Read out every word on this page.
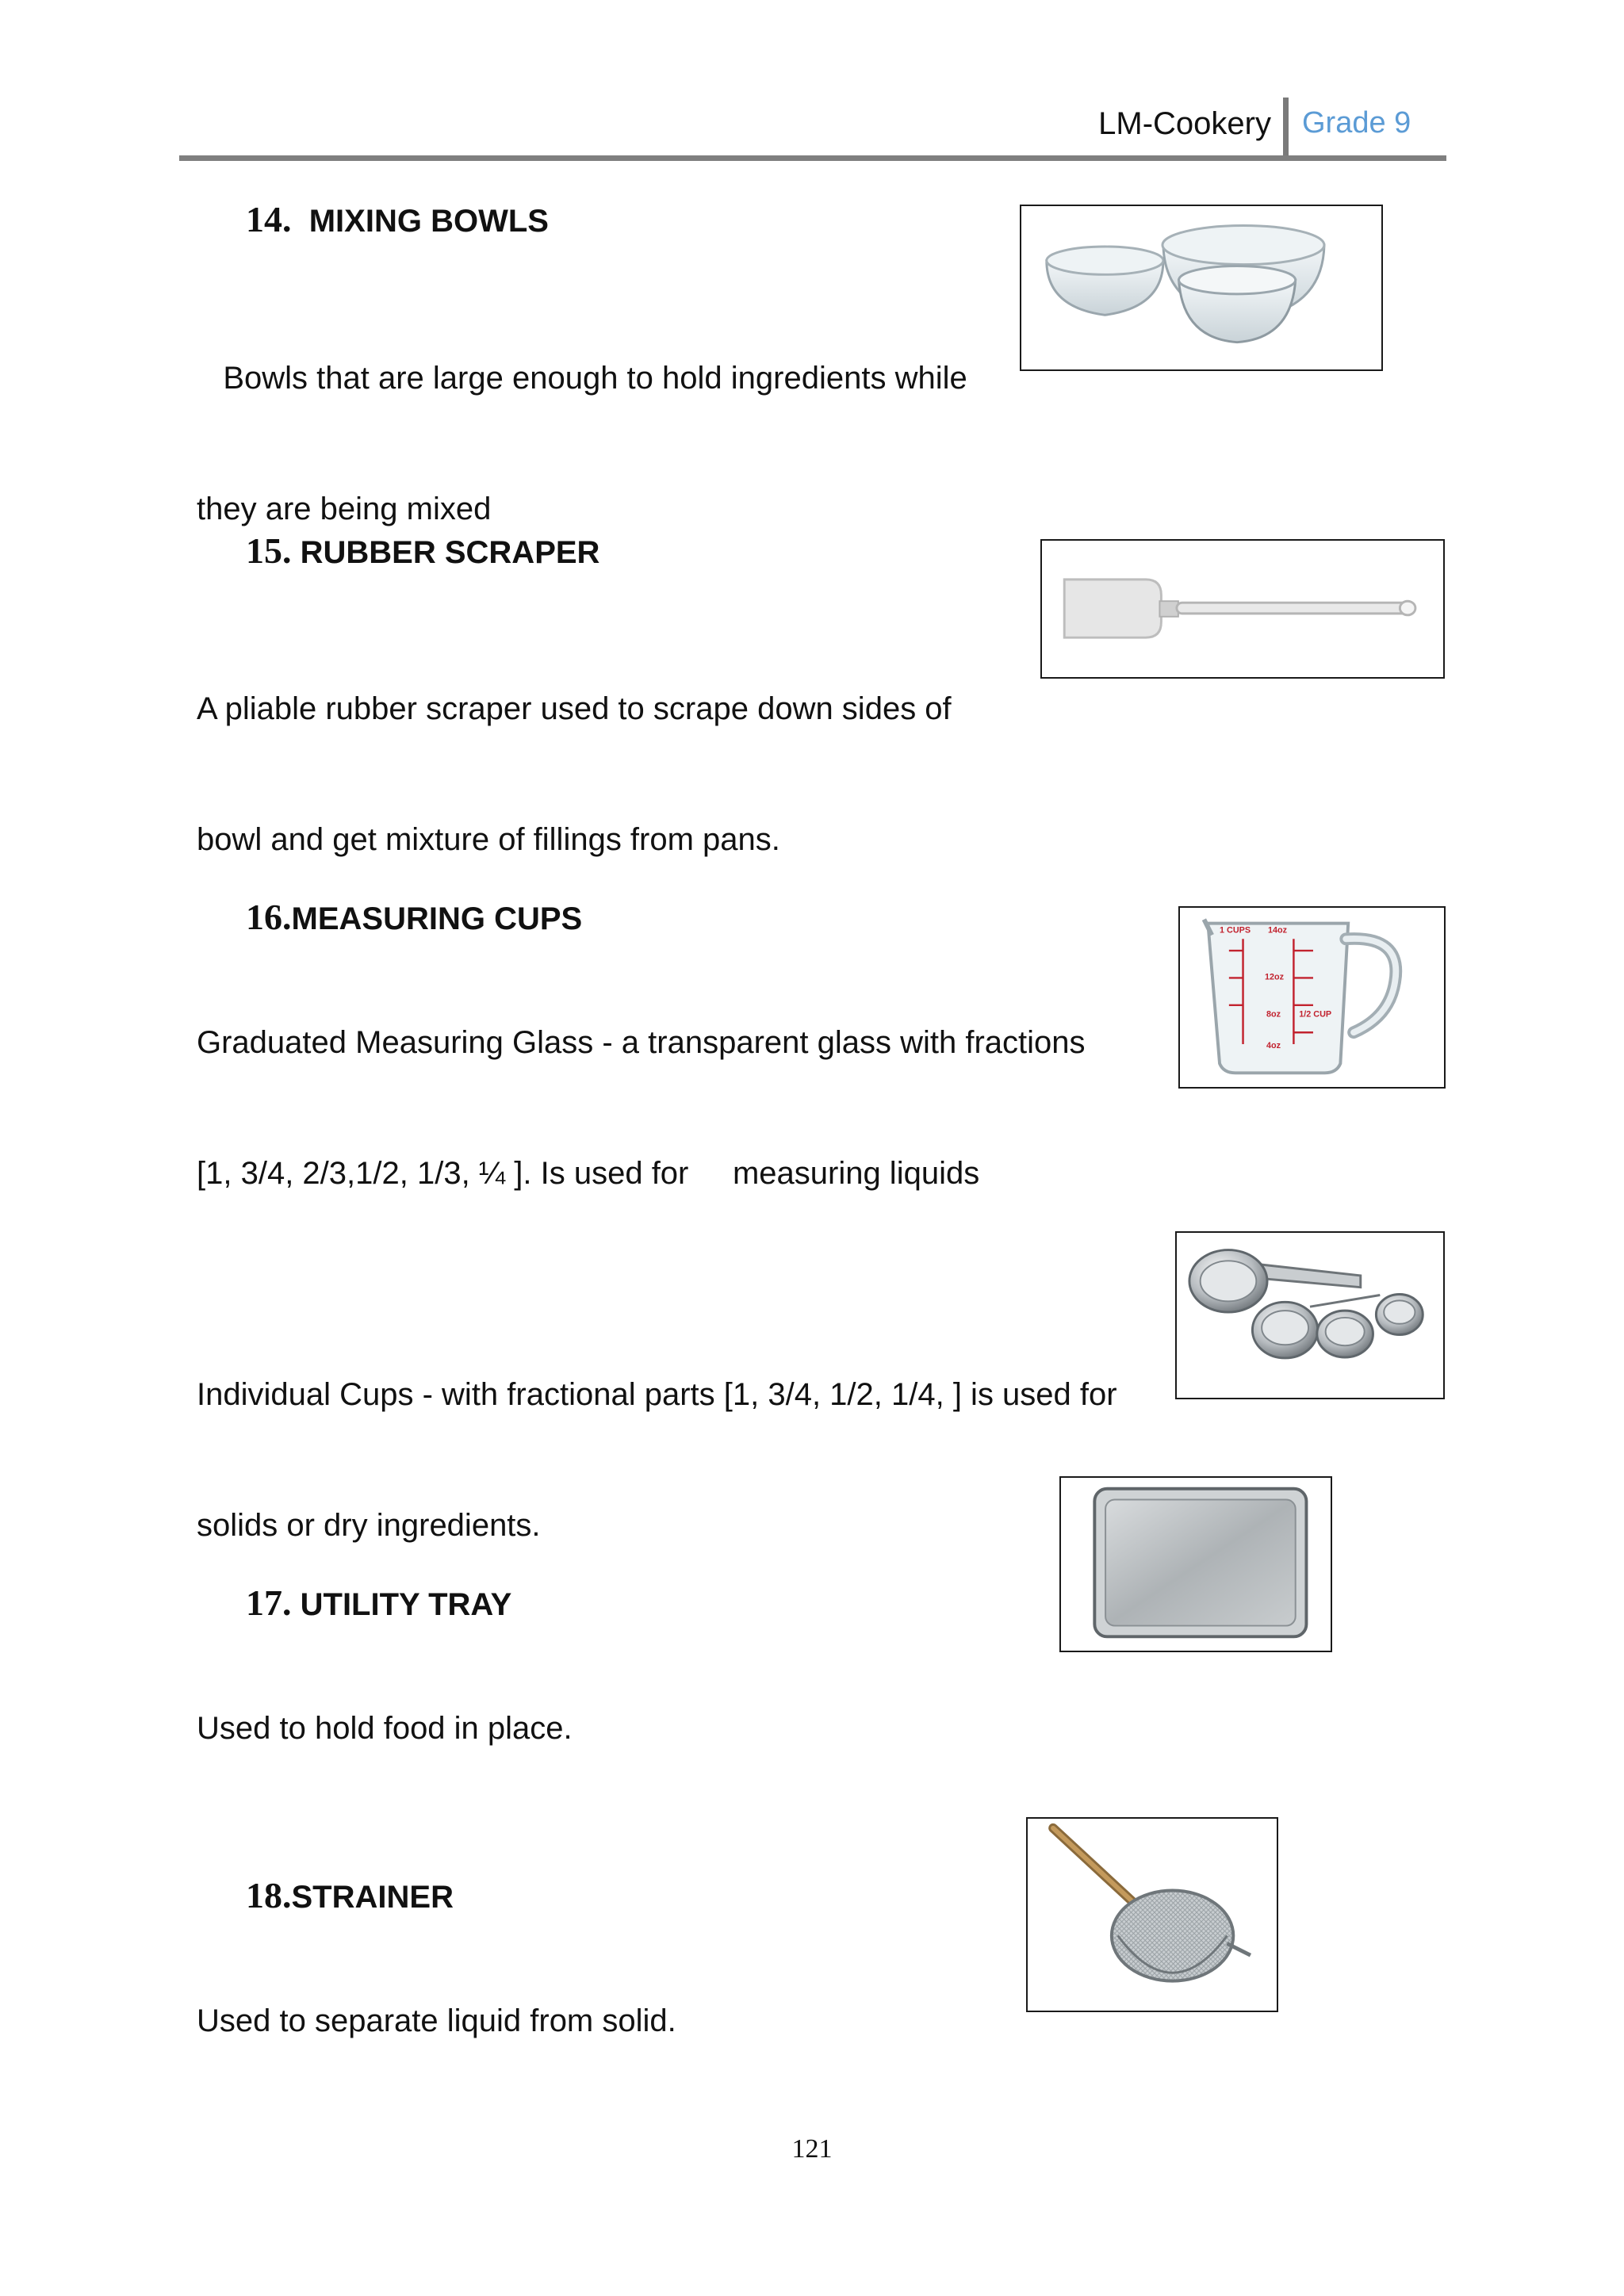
LM-Cookery Grade 9
14. MIXING BOWLS

Bowls that are large enough to hold ingredients while

they are being mixed

15. RUBBER SCRAPER

A pliable rubber scraper used to scrape down sides of

bowl and get mixture of fillings from pans.

16.MEASURING CUPS

Graduated Measuring Glass - a transparent glass with fractions

[1, 3/4, 2/3,1/2, 1/3, ¼ ]. Is used for     measuring liquids

1 CUPS 14oz
12oz
8oz
4oz
1/2 CUP

Individual Cups - with fractional parts [1, 3/4, 1/2, 1/4, ] is used for

solids or dry ingredients.

17. UTILITY TRAY

Used to hold food in place.

18.STRAINER

Used to separate liquid from solid.

121
